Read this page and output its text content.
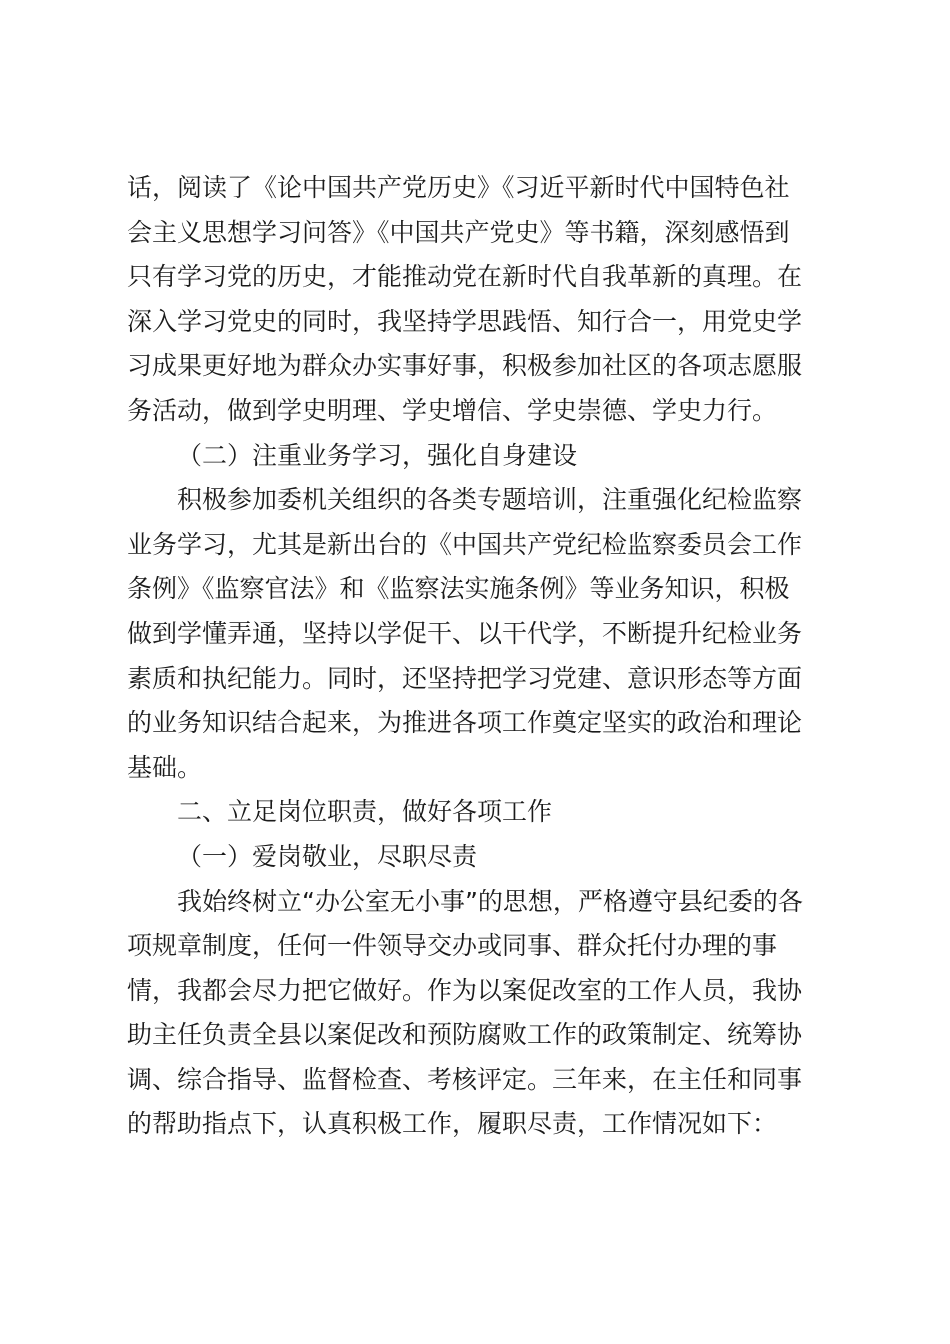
话，阅读了《论中国共产党历史》《习近平新时代中国特色社
会主义思想学习问答》《中国共产党史》等书籍，深刻感悟到
只有学习党的历史，才能推动党在新时代自我革新的真理。在
深入学习党史的同时，我坚持学思践悟、知行合一，用党史学
习成果更好地为群众办实事好事，积极参加社区的各项志愿服
务活动，做到学史明理、学史增信、学史崇德、学史力行。
（二）注重业务学习，强化自身建设
积极参加委机关组织的各类专题培训，注重强化纪检监察
业务学习，尤其是新出台的《中国共产党纪检监察委员会工作
条例》《监察官法》和《监察法实施条例》等业务知识，积极
做到学懂弄通，坚持以学促干、以干代学，不断提升纪检业务
素质和执纪能力。同时，还坚持把学习党建、意识形态等方面
的业务知识结合起来，为推进各项工作奠定坚实的政治和理论
基础。
二、立足岗位职责，做好各项工作
（一）爱岗敬业，尽职尽责
我始终树立“办公室无小事”的思想，严格遵守县纪委的各
项规章制度，任何一件领导交办或同事、群众托付办理的事
情，我都会尽力把它做好。作为以案促改室的工作人员，我协
助主任负责全县以案促改和预防腐败工作的政策制定、统筹协
调、综合指导、监督检查、考核评定。三年来，在主任和同事
的帮助指点下，认真积极工作，履职尽责，工作情况如下：
